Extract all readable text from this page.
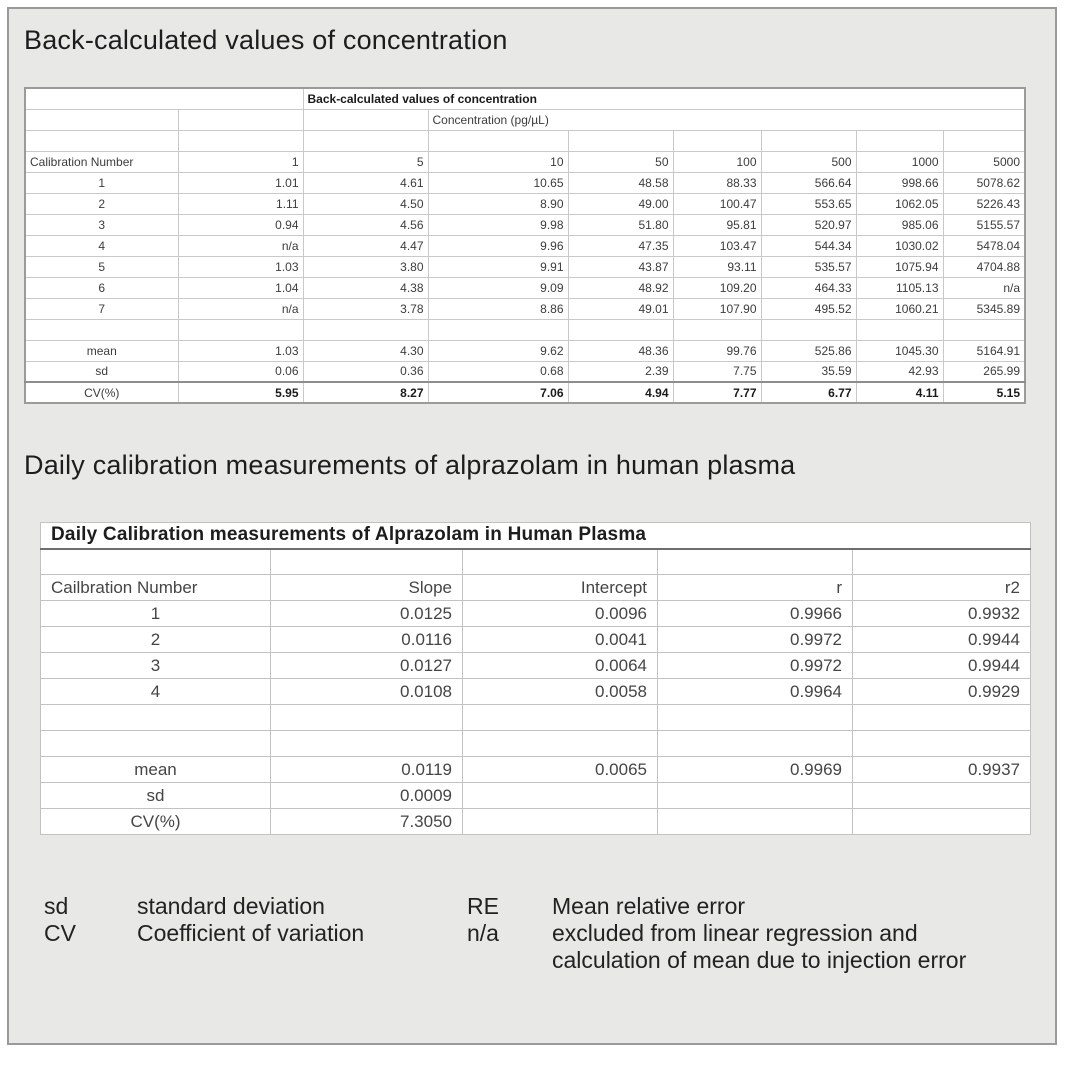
Back-calculated values of concentration
		Back-calculated values of concentration						
			Concentration (pg/µL)					

Calibration Number	1	5	10	50	100	500	1000	5000
1	1.01	4.61	10.65	48.58	88.33	566.64	998.66	5078.62
2	1.11	4.50	8.90	49.00	100.47	553.65	1062.05	5226.43
3	0.94	4.56	9.98	51.80	95.81	520.97	985.06	5155.57
4	n/a	4.47	9.96	47.35	103.47	544.34	1030.02	5478.04
5	1.03	3.80	9.91	43.87	93.11	535.57	1075.94	4704.88
6	1.04	4.38	9.09	48.92	109.20	464.33	1105.13	n/a
7	n/a	3.78	8.86	49.01	107.90	495.52	1060.21	5345.89

mean	1.03	4.30	9.62	48.36	99.76	525.86	1045.30	5164.91
sd	0.06	0.36	0.68	2.39	7.75	35.59	42.93	265.99
CV(%)	5.95	8.27	7.06	4.94	7.77	6.77	4.11	5.15
Daily calibration measurements of alprazolam in human plasma
Daily Calibration measurements of Alprazolam in Human Plasma				

Cailbration Number	Slope	Intercept	r	r2
1	0.0125	0.0096	0.9966	0.9932
2	0.0116	0.0041	0.9972	0.9944
3	0.0127	0.0064	0.9972	0.9944
4	0.0108	0.0058	0.9964	0.9929

mean	0.0119	0.0065	0.9969	0.9937
sd	0.0009			
CV(%)	7.3050			
sd	standard deviation
CV	Coefficient of variation
RE	Mean relative error
n/a	excluded from linear regression and calculation of mean due to injection error
